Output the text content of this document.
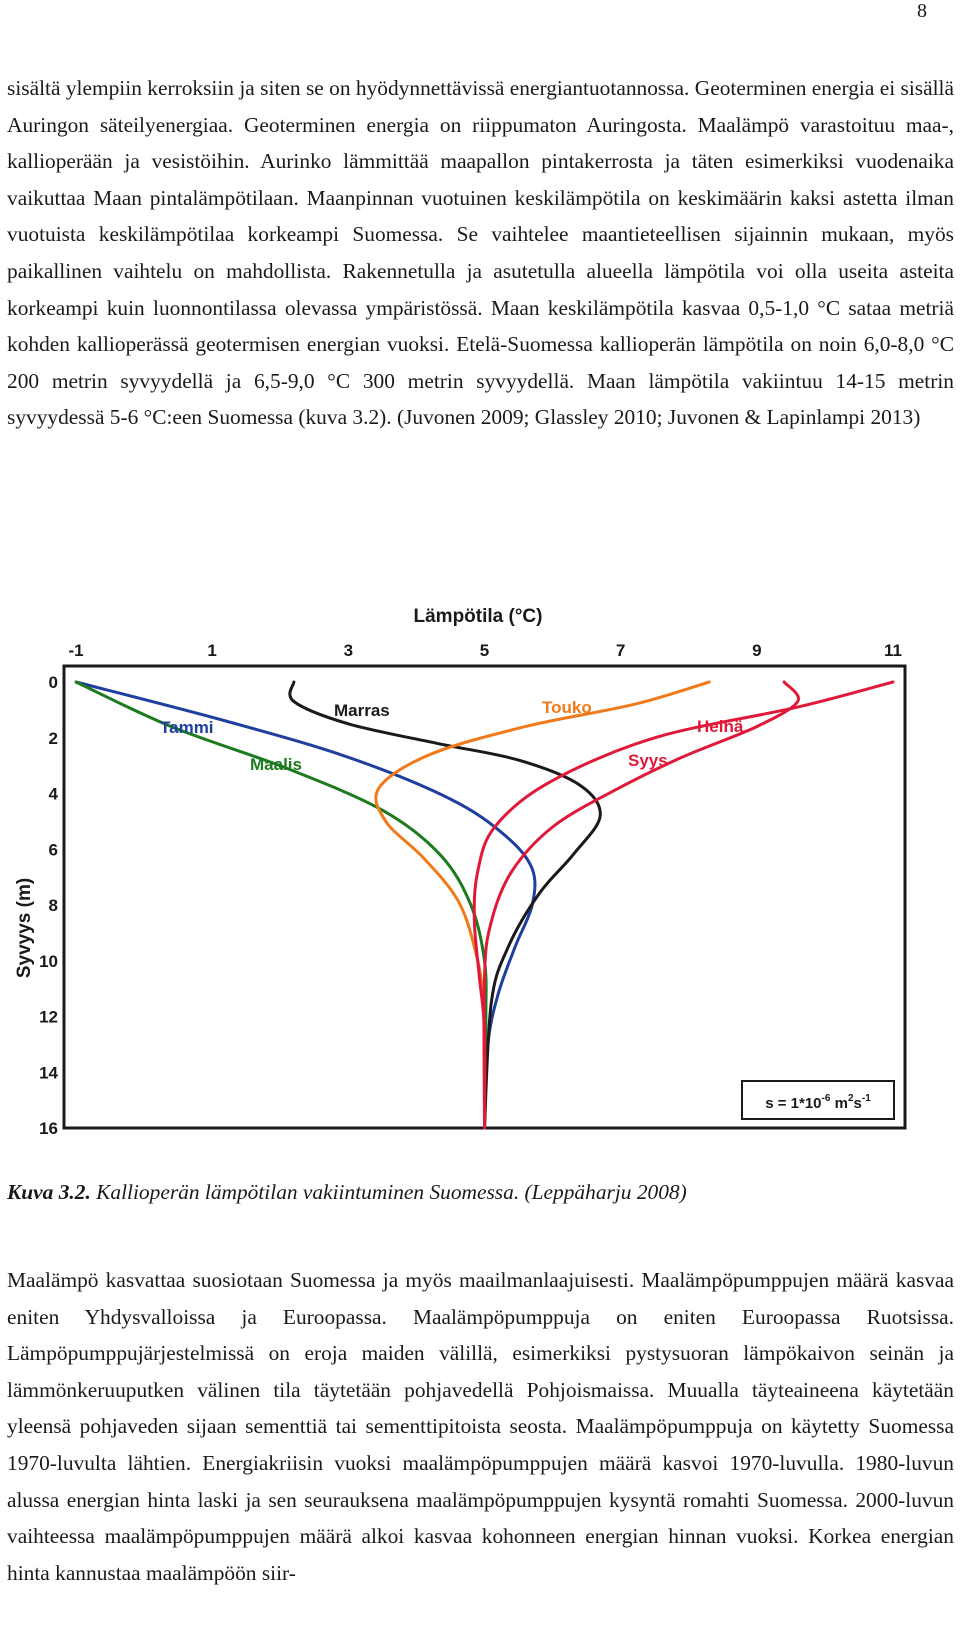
8

sisältä ylempiin kerroksiin ja siten se on hyödynnettävissä energiantuotannossa. Geoterminen energia ei sisällä Auringon säteilyenergiaa. Geoterminen energia on riippumaton Auringosta. Maalämpö varastoituu maa-, kallioperään ja vesistöihin. Aurinko lämmittää maapallon pintakerrosta ja täten esimerkiksi vuodenaika vaikuttaa Maan pintalämpötilaan. Maanpinnan vuotuinen keskilämpötila on keskimäärin kaksi astetta ilman vuotuista keskilämpötilaa korkeampi Suomessa. Se vaihtelee maantieteellisen sijainnin mukaan, myös paikallinen vaihtelu on mahdollista. Rakennetulla ja asutetulla alueella lämpötila voi olla useita asteita korkeampi kuin luonnontilassa olevassa ympäristössä. Maan keskilämpötila kasvaa 0,5-1,0 °C sataa metriä kohden kallioperässä geotermisen energian vuoksi. Etelä-Suomessa kallioperän lämpötila on noin 6,0-8,0 °C 200 metrin syvyydellä ja 6,5-9,0 °C 300 metrin syvyydellä. Maan lämpötila vakiintuu 14-15 metrin syvyydessä 5-6 °C:een Suomessa (kuva 3.2). (Juvonen 2009; Glassley 2010; Juvonen & Lapinlampi 2013)

Lämpötila (°C)
Syvyys (m)
-1	1	3	5	7	9	11
0
2
4
6
8
10
12
14
16
Tammi
Maalis
Marras	Touko
Heinä
Syys
$s = 1*10^{-6}$ $m^2s^{-1}$

Kuva 3.2. Kallioperän lämpötilan vakiintuminen Suomessa. (Leppäharju 2008)

Maalämpö kasvattaa suosiotaan Suomessa ja myös maailmanlaajuisesti. Maalämpöpumppujen määrä kasvaa eniten Yhdysvalloissa ja Euroopassa. Maalämpöpumppuja on eniten Euroopassa Ruotsissa. Lämpöpumppujärjestelmissä on eroja maiden välillä, esimerkiksi pystysuoran lämpökaivon seinän ja lämmönkeruuputken välinen tila täytetään pohjavedellä Pohjoismaissa. Muualla täyteaineena käytetään yleensä pohjaveden sijaan sementtiä tai sementtipitoista seosta. Maalämpöpumppuja on käytetty Suomessa 1970-luvulta lähtien. Energiakriisin vuoksi maalämpöpumppujen määrä kasvoi 1970-luvulla. 1980-luvun alussa energian hinta laski ja sen seurauksena maalämpöpumppujen kysyntä romahti Suomessa. 2000-luvun vaihteessa maalämpöpumppujen määrä alkoi kasvaa kohonneen energian hinnan vuoksi. Korkea energian hinta kannustaa maalämpöön siir-
